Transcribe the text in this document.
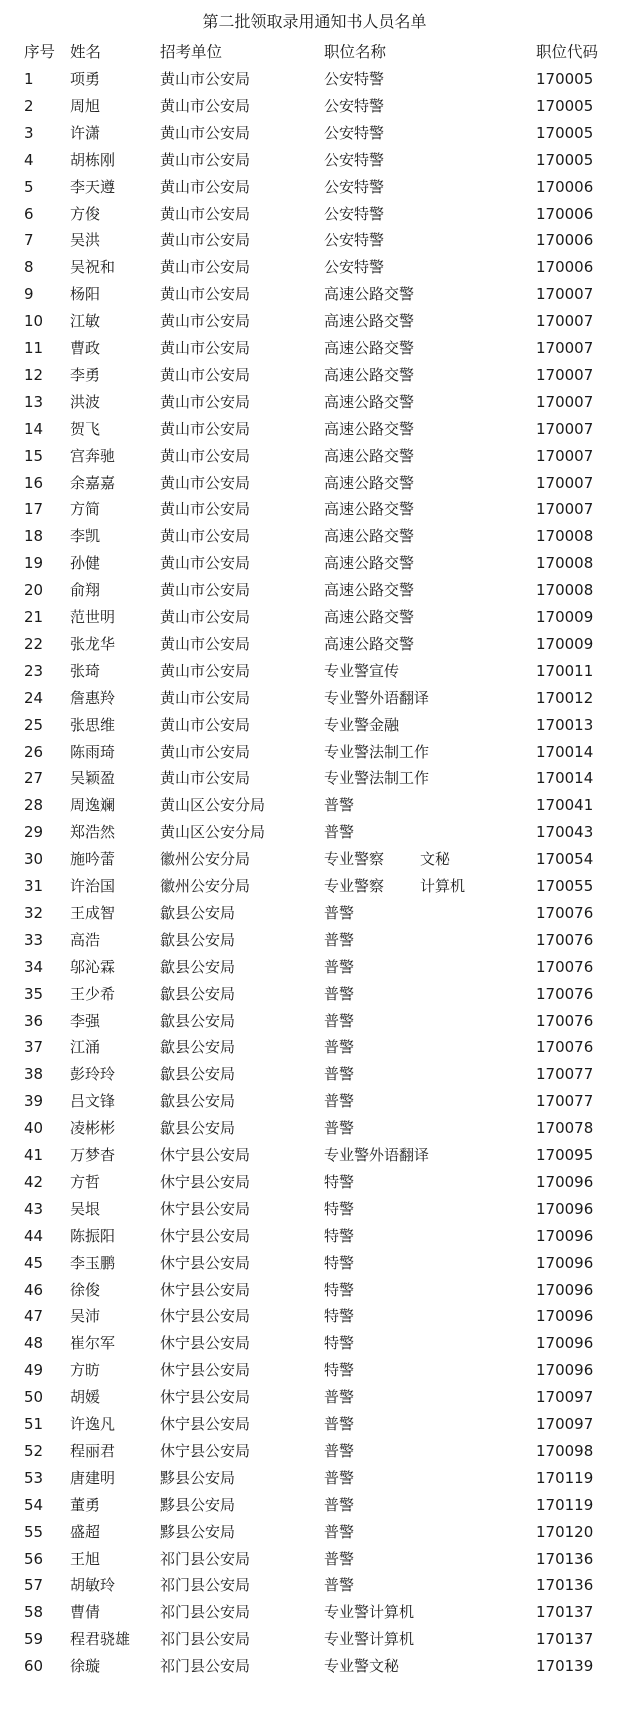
第二批领取录用通知书人员名单
序号 姓名	招考单位	职位名称	职位代码
1 项勇	黄山市公安局	公安特警	170005
2 周旭	黄山市公安局	公安特警	170005
3 许潇	黄山市公安局	公安特警	170005
4 胡栋刚	黄山市公安局	公安特警	170005
5 李天遵	黄山市公安局	公安特警	170006
6 方俊	黄山市公安局	公安特警	170006
7 吴洪	黄山市公安局	公安特警	170006
8 吴祝和	黄山市公安局	公安特警	170006
9 杨阳	黄山市公安局	高速公路交警	170007
10 江敏	黄山市公安局	高速公路交警	170007
11 曹政	黄山市公安局	高速公路交警	170007
12 李勇	黄山市公安局	高速公路交警	170007
13 洪波	黄山市公安局	高速公路交警	170007
14 贺飞	黄山市公安局	高速公路交警	170007
15 宫奔驰	黄山市公安局	高速公路交警	170007
16 余嘉嘉	黄山市公安局	高速公路交警	170007
17 方简	黄山市公安局	高速公路交警	170007
18 李凯	黄山市公安局	高速公路交警	170008
19 孙健	黄山市公安局	高速公路交警	170008
20 俞翔	黄山市公安局	高速公路交警	170008
21 范世明	黄山市公安局	高速公路交警	170009
22 张龙华	黄山市公安局	高速公路交警	170009
23 张琦	黄山市公安局	专业警宣传	170011
24 詹惠羚	黄山市公安局	专业警外语翻译	170012
25 张思维	黄山市公安局	专业警金融	170013
26 陈雨琦	黄山市公安局	专业警法制工作	170014
27 吴颖盈	黄山市公安局	专业警法制工作	170014
28 周逸斓	黄山区公安分局	普警	170041
29 郑浩然	黄山区公安分局	普警	170043
30 施吟蕾	徽州公安分局	专业警察 文秘	170054
31 许治国	徽州公安分局	专业警察 计算机	170055
32 王成智	歙县公安局	普警	170076
33 高浩	歙县公安局	普警	170076
34 邬沁霖	歙县公安局	普警	170076
35 王少希	歙县公安局	普警	170076
36 李强	歙县公安局	普警	170076
37 江涌	歙县公安局	普警	170076
38 彭玲玲	歙县公安局	普警	170077
39 吕文锋	歙县公安局	普警	170077
40 凌彬彬	歙县公安局	普警	170078
41 万梦杳	休宁县公安局	专业警外语翻译	170095
42 方哲	休宁县公安局	特警	170096
43 吴垠	休宁县公安局	特警	170096
44 陈振阳	休宁县公安局	特警	170096
45 李玉鹏	休宁县公安局	特警	170096
46 徐俊	休宁县公安局	特警	170096
47 吴沛	休宁县公安局	特警	170096
48 崔尔军	休宁县公安局	特警	170096
49 方昉	休宁县公安局	特警	170096
50 胡媛	休宁县公安局	普警	170097
51 许逸凡	休宁县公安局	普警	170097
52 程丽君	休宁县公安局	普警	170098
53 唐建明	黟县公安局	普警	170119
54 董勇	黟县公安局	普警	170119
55 盛超	黟县公安局	普警	170120
56 王旭	祁门县公安局	普警	170136
57 胡敏玲	祁门县公安局	普警	170136
58 曹倩	祁门县公安局	专业警计算机	170137
59 程君骁雄 祁门县公安局	专业警计算机	170137
60 徐璇	祁门县公安局	专业警文秘	170139
